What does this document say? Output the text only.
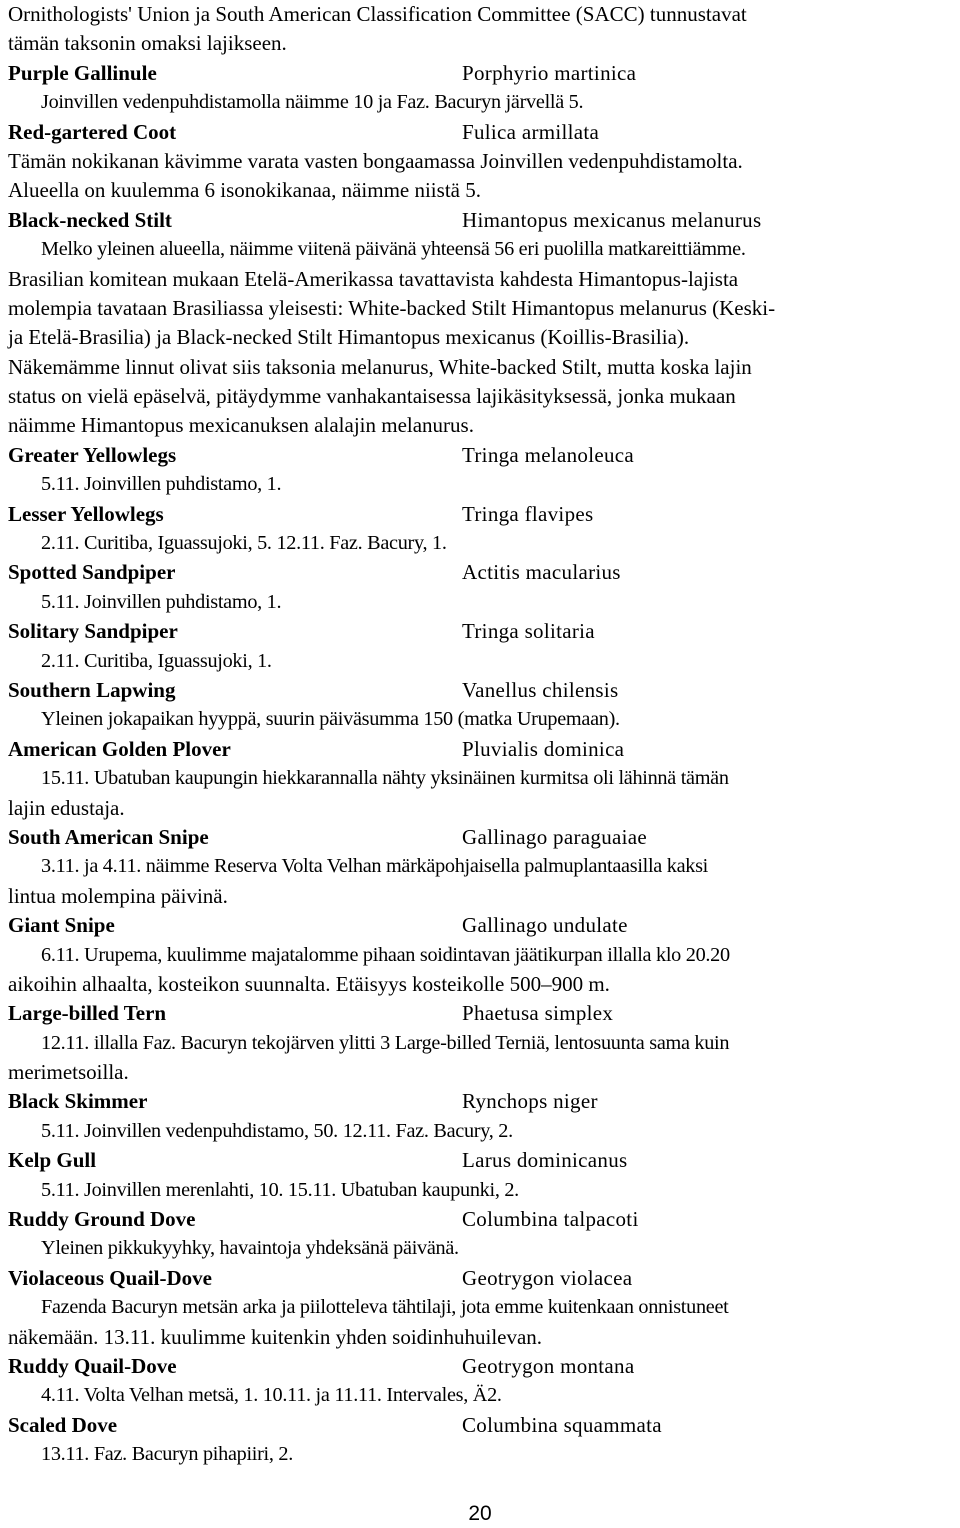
Ornithologists' Union ja South American Classification Committee (SACC) tunnustavat
tämän taksonin omaksi lajikseen.
Purple Gallinule	Porphyrio martinica
Joinvillen vedenpuhdistamolla näimme 10 ja Faz. Bacuryn järvellä 5.
Red-gartered Coot	Fulica armillata
Tämän nokikanan kävimme varata vasten bongaamassa Joinvillen vedenpuhdistamolta.
Alueella on kuulemma 6 isonokikanaa, näimme niistä 5.
Black-necked Stilt	Himantopus mexicanus melanurus
Melko yleinen alueella, näimme viitenä päivänä yhteensä 56 eri puolilla matkareittiämme.
Brasilian komitean mukaan Etelä-Amerikassa tavattavista kahdesta Himantopus-lajista
molempia tavataan Brasiliassa yleisesti: White-backed Stilt Himantopus melanurus (Keski-
ja Etelä-Brasilia) ja Black-necked Stilt Himantopus mexicanus (Koillis-Brasilia).
Näkemämme linnut olivat siis taksonia melanurus, White-backed Stilt, mutta koska lajin
status on vielä epäselvä, pitäydymme vanhakantaisessa lajikäsityksessä, jonka mukaan
näimme Himantopus mexicanuksen alalajin melanurus.
Greater Yellowlegs	Tringa melanoleuca
5.11. Joinvillen puhdistamo, 1.
Lesser Yellowlegs	Tringa flavipes
2.11. Curitiba, Iguassujoki, 5. 12.11. Faz. Bacury, 1.
Spotted Sandpiper	Actitis macularius
5.11. Joinvillen puhdistamo, 1.
Solitary Sandpiper	Tringa solitaria
2.11. Curitiba, Iguassujoki, 1.
Southern Lapwing	Vanellus chilensis
Yleinen jokapaikan hyyppä, suurin päiväsumma 150 (matka Urupemaan).
American Golden Plover	Pluvialis dominica
15.11. Ubatuban kaupungin hiekkarannalla nähty yksinäinen kurmitsa oli lähinnä tämän
lajin edustaja.
South American Snipe	Gallinago paraguaiae
3.11. ja 4.11. näimme Reserva Volta Velhan märkäpohjaisella palmuplantaasilla kaksi
lintua molempina päivinä.
Giant Snipe	Gallinago undulate
6.11. Urupema, kuulimme majatalomme pihaan soidintavan jäätikurpan illalla klo 20.20
aikoihin alhaalta, kosteikon suunnalta. Etäisyys kosteikolle 500–900 m.
Large-billed Tern	Phaetusa simplex
12.11. illalla Faz. Bacuryn tekojärven ylitti 3 Large-billed Terniä, lentosuunta sama kuin
merimetsoilla.
Black Skimmer	Rynchops niger
5.11. Joinvillen vedenpuhdistamo, 50. 12.11. Faz. Bacury, 2.
Kelp Gull	Larus dominicanus
5.11. Joinvillen merenlahti, 10. 15.11. Ubatuban kaupunki, 2.
Ruddy Ground Dove	Columbina talpacoti
Yleinen pikkukyyhky, havaintoja yhdeksänä päivänä.
Violaceous Quail-Dove	Geotrygon violacea
Fazenda Bacuryn metsän arka ja piilotteleva tähtilaji, jota emme kuitenkaan onnistuneet
näkemään. 13.11. kuulimme kuitenkin yhden soidinhuhuilevan.
Ruddy Quail-Dove	Geotrygon montana
4.11. Volta Velhan metsä, 1. 10.11. ja 11.11. Intervales, Ä2.
Scaled Dove	Columbina squammata
13.11. Faz. Bacuryn pihapiiri, 2.
20
